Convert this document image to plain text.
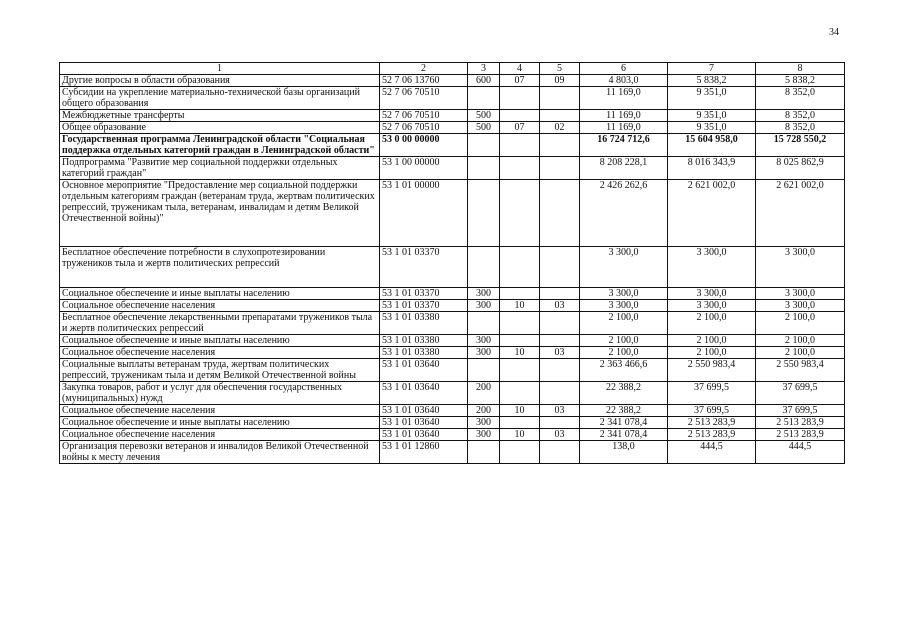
34
1	2	3	4	5	6	7	8
Другие вопросы в области образования	52 7 06 13760	600	07	09	4 803,0	5 838,2	5 838,2
Субсидии на укрепление материально-технической базы организаций общего образования	52 7 06 70510				11 169,0	9 351,0	8 352,0
Межбюджетные трансферты	52 7 06 70510	500			11 169,0	9 351,0	8 352,0
Общее образование	52 7 06 70510	500	07	02	11 169,0	9 351,0	8 352,0
Государственная программа Ленинградской области "Социальная поддержка отдельных категорий граждан в Ленинградской области"	53 0 00 00000				16 724 712,6	15 604 958,0	15 728 550,2
Подпрограмма "Развитие мер социальной поддержки отдельных категорий граждан"	53 1 00 00000				8 208 228,1	8 016 343,9	8 025 862,9
Основное мероприятие "Предоставление мер социальной поддержки отдельным категориям граждан (ветеранам труда, жертвам политических репрессий, труженикам тыла, ветеранам, инвалидам и детям Великой Отечественной войны)"	53 1 01 00000				2 426 262,6	2 621 002,0	2 621 002,0
Бесплатное обеспечение потребности в слухопротезировании тружеников тыла и жертв политических репрессий	53 1 01 03370				3 300,0	3 300,0	3 300,0
Социальное обеспечение и иные выплаты населению	53 1 01 03370	300			3 300,0	3 300,0	3 300,0
Социальное обеспечение населения	53 1 01 03370	300	10	03	3 300,0	3 300,0	3 300,0
Бесплатное обеспечение лекарственными препаратами тружеников тыла и жертв политических репрессий	53 1 01 03380				2 100,0	2 100,0	2 100,0
Социальное обеспечение и иные выплаты населению	53 1 01 03380	300			2 100,0	2 100,0	2 100,0
Социальное обеспечение населения	53 1 01 03380	300	10	03	2 100,0	2 100,0	2 100,0
Социальные выплаты ветеранам труда, жертвам политических репрессий, труженикам тыла и детям Великой Отечественной войны	53 1 01 03640				2 363 466,6	2 550 983,4	2 550 983,4
Закупка товаров, работ и услуг для обеспечения государственных (муниципальных) нужд	53 1 01 03640	200			22 388,2	37 699,5	37 699,5
Социальное обеспечение населения	53 1 01 03640	200	10	03	22 388,2	37 699,5	37 699,5
Социальное обеспечение и иные выплаты населению	53 1 01 03640	300			2 341 078,4	2 513 283,9	2 513 283,9
Социальное обеспечение населения	53 1 01 03640	300	10	03	2 341 078,4	2 513 283,9	2 513 283,9
Организация перевозки ветеранов и инвалидов Великой Отечественной войны к месту лечения	53 1 01 12860				138,0	444,5	444,5
